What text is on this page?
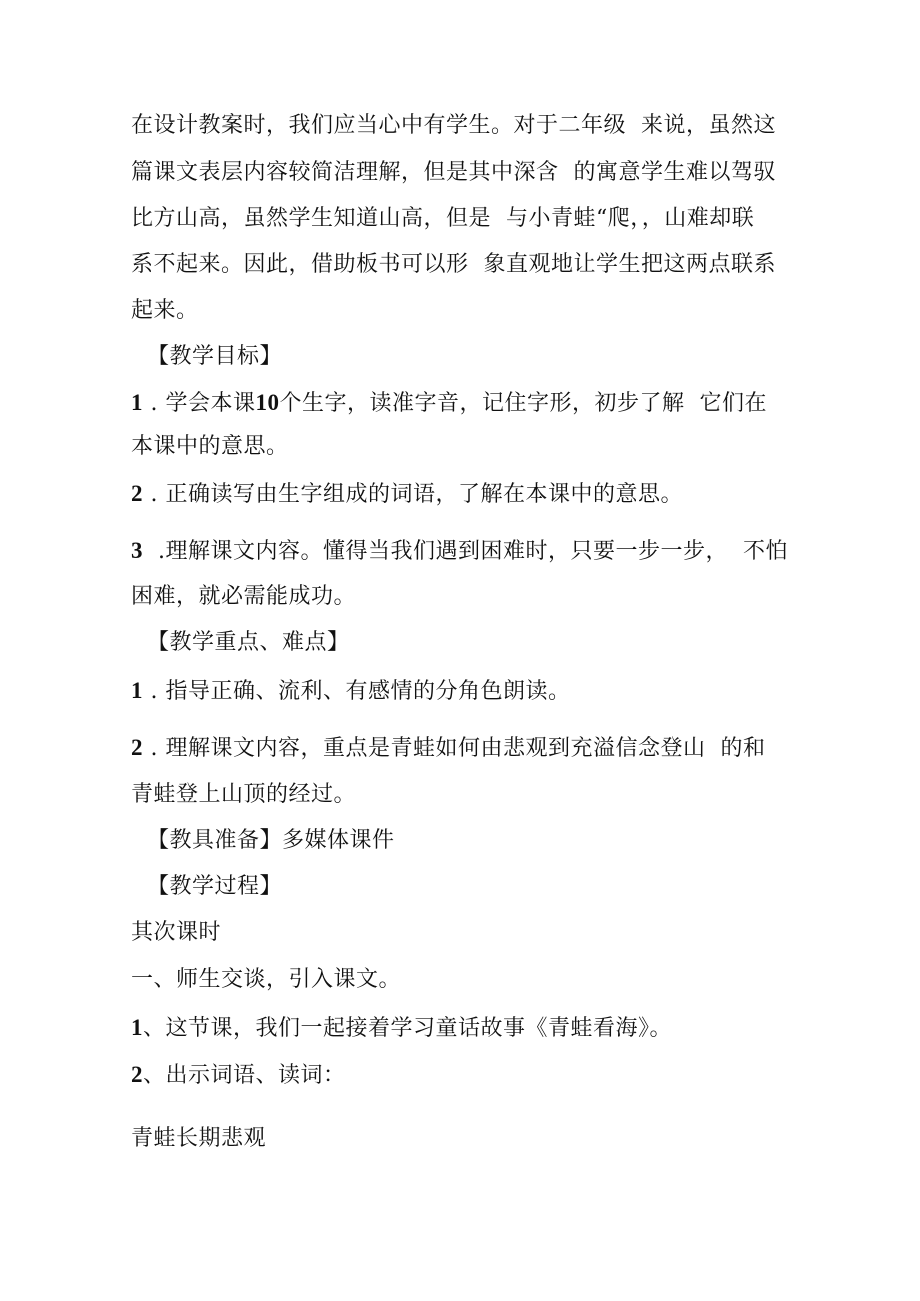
在设计教案时，我们应当心中有学生。对于二年级  来说，虽然这
篇课文表层内容较简洁理解，但是其中深含  的寓意学生难以驾驭
比方山高，虽然学生知道山高，但是  与小青蛙“爬，，山难却联
系不起来。因此，借助板书可以形  象直观地让学生把这两点联系
起来。
【教学目标】
1 . 学会本课10个生字，读准字音，记住字形，初步了解  它们在
本课中的意思。
2 . 正确读写由生字组成的词语，了解在本课中的意思。
3  .理解课文内容。懂得当我们遇到困难时，只要一步一步，  不怕
困难，就必需能成功。
【教学重点、难点】
1 . 指导正确、流利、有感情的分角色朗读。
2 . 理解课文内容，重点是青蛙如何由悲观到充溢信念登山  的和
青蛙登上山顶的经过。
【教具准备】多媒体课件
【教学过程】
其次课时
一、师生交谈，引入课文。
1、这节课，我们一起接着学习童话故事《青蛙看海》。
2、出示词语、读词：
青蛙长期悲观
